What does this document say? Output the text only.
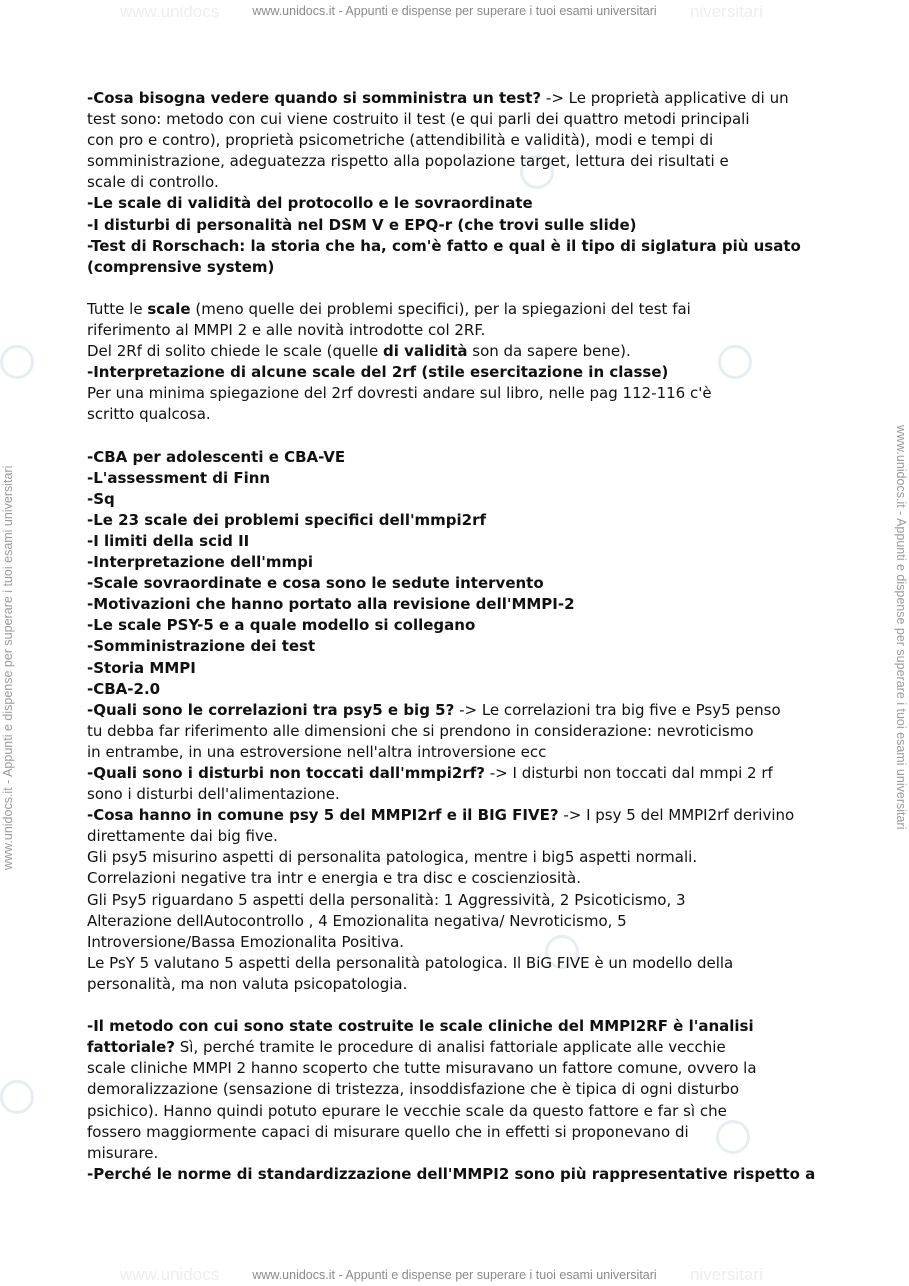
www.unidocs	niversitari
www.unidocs	niversitari
www.unidocs.it - Appunti e dispense per superare i tuoi esami universitari
www.unidocs.it - Appunti e dispense per superare i tuoi esami universitari
www.unidocs.it - Appunti e dispense per superare i tuoi esami universitari	www.unidocs.it - Appunti e dispense per superare i tuoi esami universitari
-Cosa bisogna vedere quando si somministra un test? -> Le proprietà applicative di un
test sono: metodo con cui viene costruito il test (e qui parli dei quattro metodi principali
con pro e contro), proprietà psicometriche (attendibilità e validità), modi e tempi di
somministrazione, adeguatezza rispetto alla popolazione target, lettura dei risultati e
scale di controllo.
-Le scale di validità del protocollo e le sovraordinate
-I disturbi di personalità nel DSM V e EPQ-r (che trovi sulle slide)
-Test di Rorschach: la storia che ha, com'è fatto e qual è il tipo di siglatura più usato
(comprensive system)
Tutte le scale (meno quelle dei problemi specifici), per la spiegazioni del test fai
riferimento al MMPI 2 e alle novità introdotte col 2RF.
Del 2Rf di solito chiede le scale (quelle di validità son da sapere bene).
-Interpretazione di alcune scale del 2rf (stile esercitazione in classe)
Per una minima spiegazione del 2rf dovresti andare sul libro, nelle pag 112-116 c'è
scritto qualcosa.
-CBA per adolescenti e CBA-VE
-L'assessment di Finn
-Sq
-Le 23 scale dei problemi specifici dell'mmpi2rf
-I limiti della scid II
-Interpretazione dell'mmpi
-Scale sovraordinate e cosa sono le sedute intervento
-Motivazioni che hanno portato alla revisione dell'MMPI-2
-Le scale PSY-5 e a quale modello si collegano
-Somministrazione dei test
-Storia MMPI
-CBA-2.0
-Quali sono le correlazioni tra psy5 e big 5? -> Le correlazioni tra big five e Psy5 penso
tu debba far riferimento alle dimensioni che si prendono in considerazione: nevroticismo
in entrambe, in una estroversione nell'altra introversione ecc
-Quali sono i disturbi non toccati dall'mmpi2rf? -> I disturbi non toccati dal mmpi 2 rf
sono i disturbi dell'alimentazione.
-Cosa hanno in comune psy 5 del MMPI2rf e il BIG FIVE? -> I psy 5 del MMPI2rf derivino
direttamente dai big five.
Gli psy5 misurino aspetti di personalita patologica, mentre i big5 aspetti normali.
Correlazioni negative tra intr e energia e tra disc e coscienziosità.
Gli Psy5 riguardano 5 aspetti della personalità: 1 Aggressività, 2 Psicoticismo, 3
Alterazione dellAutocontrollo , 4 Emozionalita negativa/ Nevroticismo, 5
Introversione/Bassa Emozionalita Positiva.
Le PsY 5 valutano 5 aspetti della personalità patologica. Il BiG FIVE è un modello della
personalità, ma non valuta psicopatologia.
-Il metodo con cui sono state costruite le scale cliniche del MMPI2RF è l'analisi
fattoriale? Sì, perché tramite le procedure di analisi fattoriale applicate alle vecchie
scale cliniche MMPI 2 hanno scoperto che tutte misuravano un fattore comune, ovvero la
demoralizzazione (sensazione di tristezza, insoddisfazione che è tipica di ogni disturbo
psichico). Hanno quindi potuto epurare le vecchie scale da questo fattore e far sì che
fossero maggiormente capaci di misurare quello che in effetti si proponevano di
misurare.
-Perché le norme di standardizzazione dell'MMPI2 sono più rappresentative rispetto a
